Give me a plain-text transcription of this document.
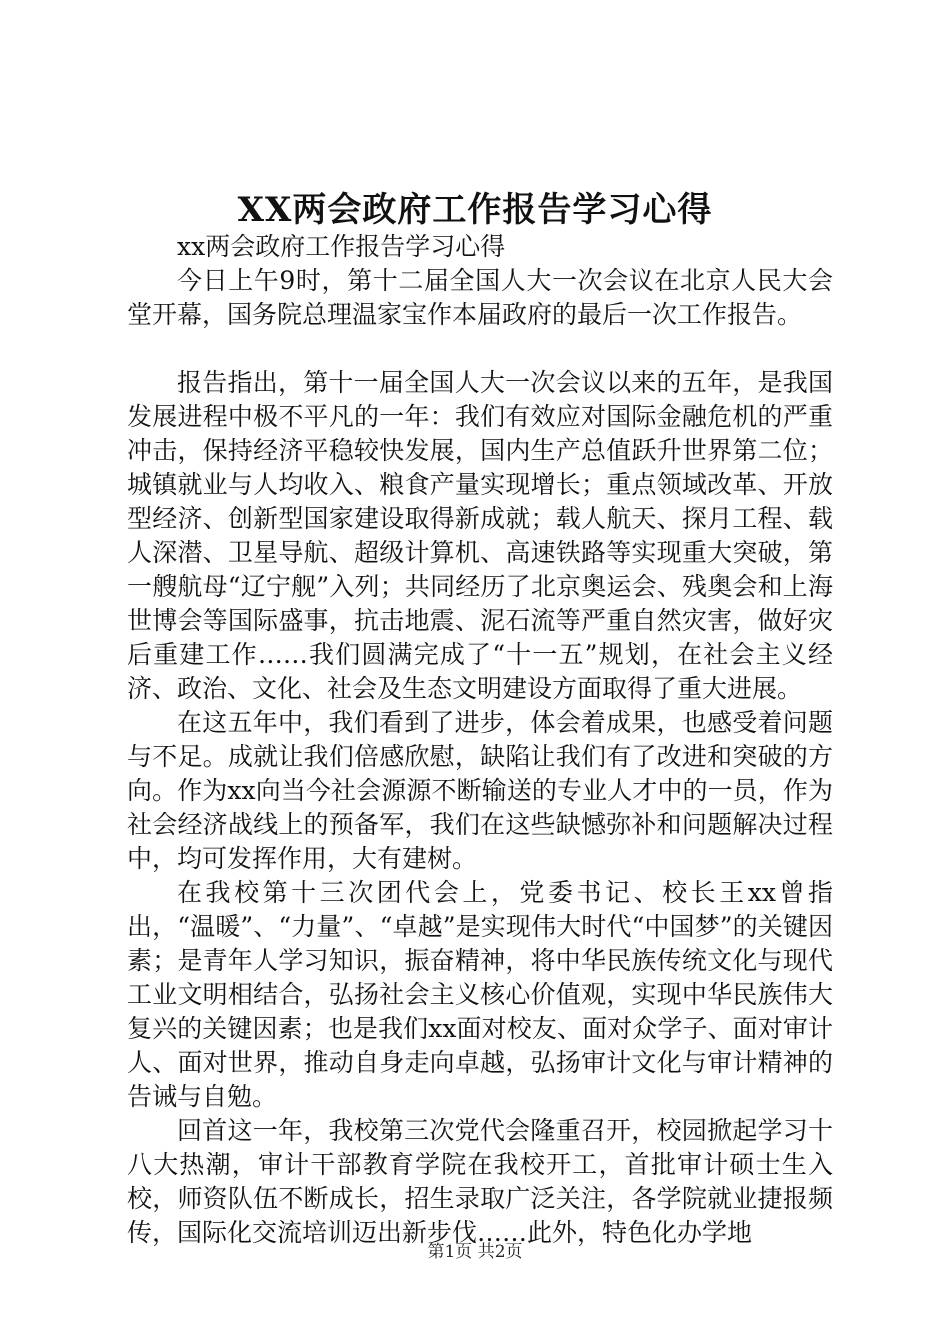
XX两会政府工作报告学习心得

xx两会政府工作报告学习心得

今日上午9时，第十二届全国人大一次会议在北京人民大会堂开幕，国务院总理温家宝作本届政府的最后一次工作报告。

报告指出，第十一届全国人大一次会议以来的五年，是我国发展进程中极不平凡的一年：我们有效应对国际金融危机的严重冲击，保持经济平稳较快发展，国内生产总值跃升世界第二位；城镇就业与人均收入、粮食产量实现增长；重点领域改革、开放型经济、创新型国家建设取得新成就；载人航天、探月工程、载人深潜、卫星导航、超级计算机、高速铁路等实现重大突破，第一艘航母“辽宁舰”入列；共同经历了北京奥运会、残奥会和上海世博会等国际盛事，抗击地震、泥石流等严重自然灾害，做好灾后重建工作……我们圆满完成了“十一五”规划，在社会主义经济、政治、文化、社会及生态文明建设方面取得了重大进展。

在这五年中，我们看到了进步，体会着成果，也感受着问题与不足。成就让我们倍感欣慰，缺陷让我们有了改进和突破的方向。作为xx向当今社会源源不断输送的专业人才中的一员，作为社会经济战线上的预备军，我们在这些缺憾弥补和问题解决过程中，均可发挥作用，大有建树。

在我校第十三次团代会上，党委书记、校长王xx曾指出，“温暖”、“力量”、“卓越”是实现伟大时代“中国梦”的关键因素；是青年人学习知识，振奋精神，将中华民族传统文化与现代工业文明相结合，弘扬社会主义核心价值观，实现中华民族伟大复兴的关键因素；也是我们xx面对校友、面对众学子、面对审计人、面对世界，推动自身走向卓越，弘扬审计文化与审计精神的告诫与自勉。

回首这一年，我校第三次党代会隆重召开，校园掀起学习十八大热潮，审计干部教育学院在我校开工，首批审计硕士生入校，师资队伍不断成长，招生录取广泛关注，各学院就业捷报频传，国际化交流培训迈出新步伐……此外，特色化办学地

第1页 共2页
